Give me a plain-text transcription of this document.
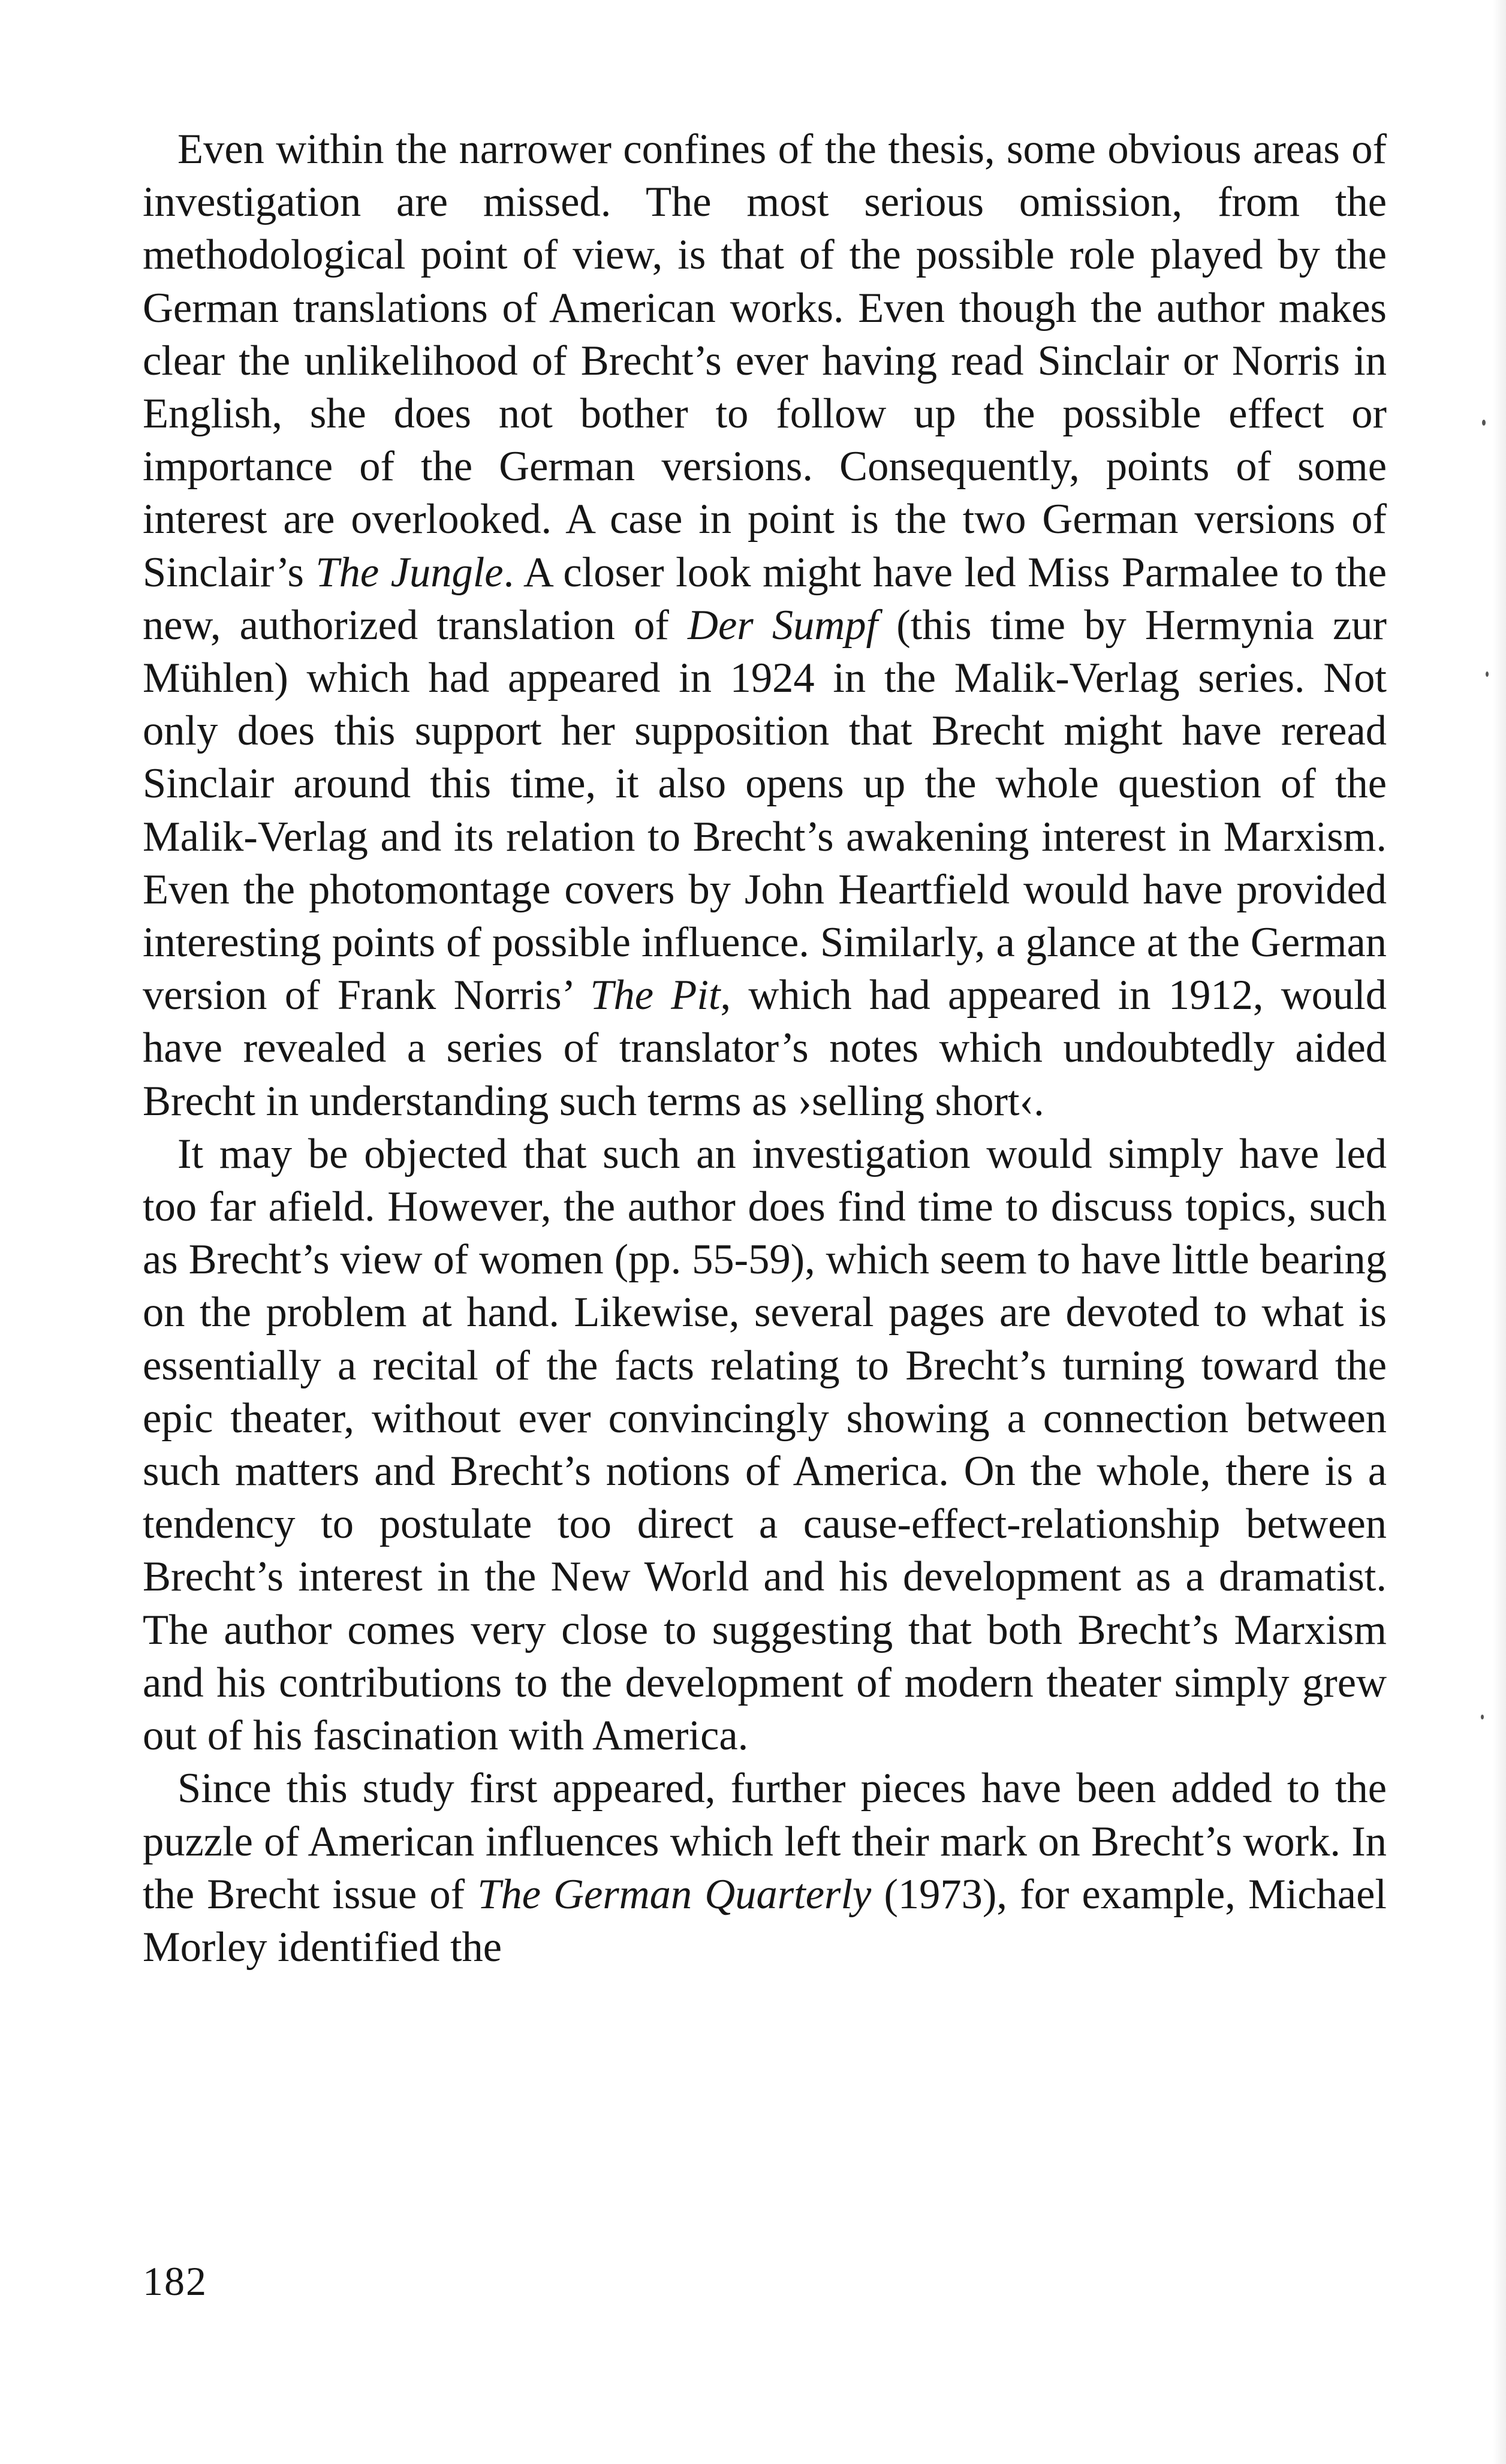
Even within the narrower confines of the thesis, some obvious areas of investigation are missed. The most serious omission, from the methodological point of view, is that of the possible role played by the German translations of American works. Even though the author makes clear the unlikelihood of Brecht’s ever having read Sinclair or Norris in English, she does not bother to follow up the possible effect or importance of the German versions. Consequently, points of some interest are overlooked. A case in point is the two German versions of Sinclair’s The Jungle. A closer look might have led Miss Parmalee to the new, authorized translation of Der Sumpf (this time by Hermynia zur Mühlen) which had appeared in 1924 in the Malik-Verlag series. Not only does this support her supposition that Brecht might have reread Sinclair around this time, it also opens up the whole question of the Malik-Verlag and its relation to Brecht’s awakening interest in Marxism. Even the photomontage covers by John Heartfield would have provided interesting points of possible influence. Similarly, a glance at the German version of Frank Norris’ The Pit, which had appeared in 1912, would have revealed a series of translator’s notes which undoubtedly aided Brecht in understanding such terms as ›selling short‹.

It may be objected that such an investigation would simply have led too far afield. However, the author does find time to discuss topics, such as Brecht’s view of women (pp. 55-59), which seem to have little bearing on the problem at hand. Likewise, several pages are devoted to what is essentially a recital of the facts relating to Brecht’s turning toward the epic theater, without ever convincingly showing a connection between such matters and Brecht’s notions of America. On the whole, there is a tendency to postulate too direct a cause-effect-relationship between Brecht’s interest in the New World and his development as a dramatist. The author comes very close to suggesting that both Brecht’s Marxism and his contributions to the development of modern theater simply grew out of his fascination with America.

Since this study first appeared, further pieces have been added to the puzzle of American influences which left their mark on Brecht’s work. In the Brecht issue of The German Quarterly (1973), for example, Michael Morley identified the

182
